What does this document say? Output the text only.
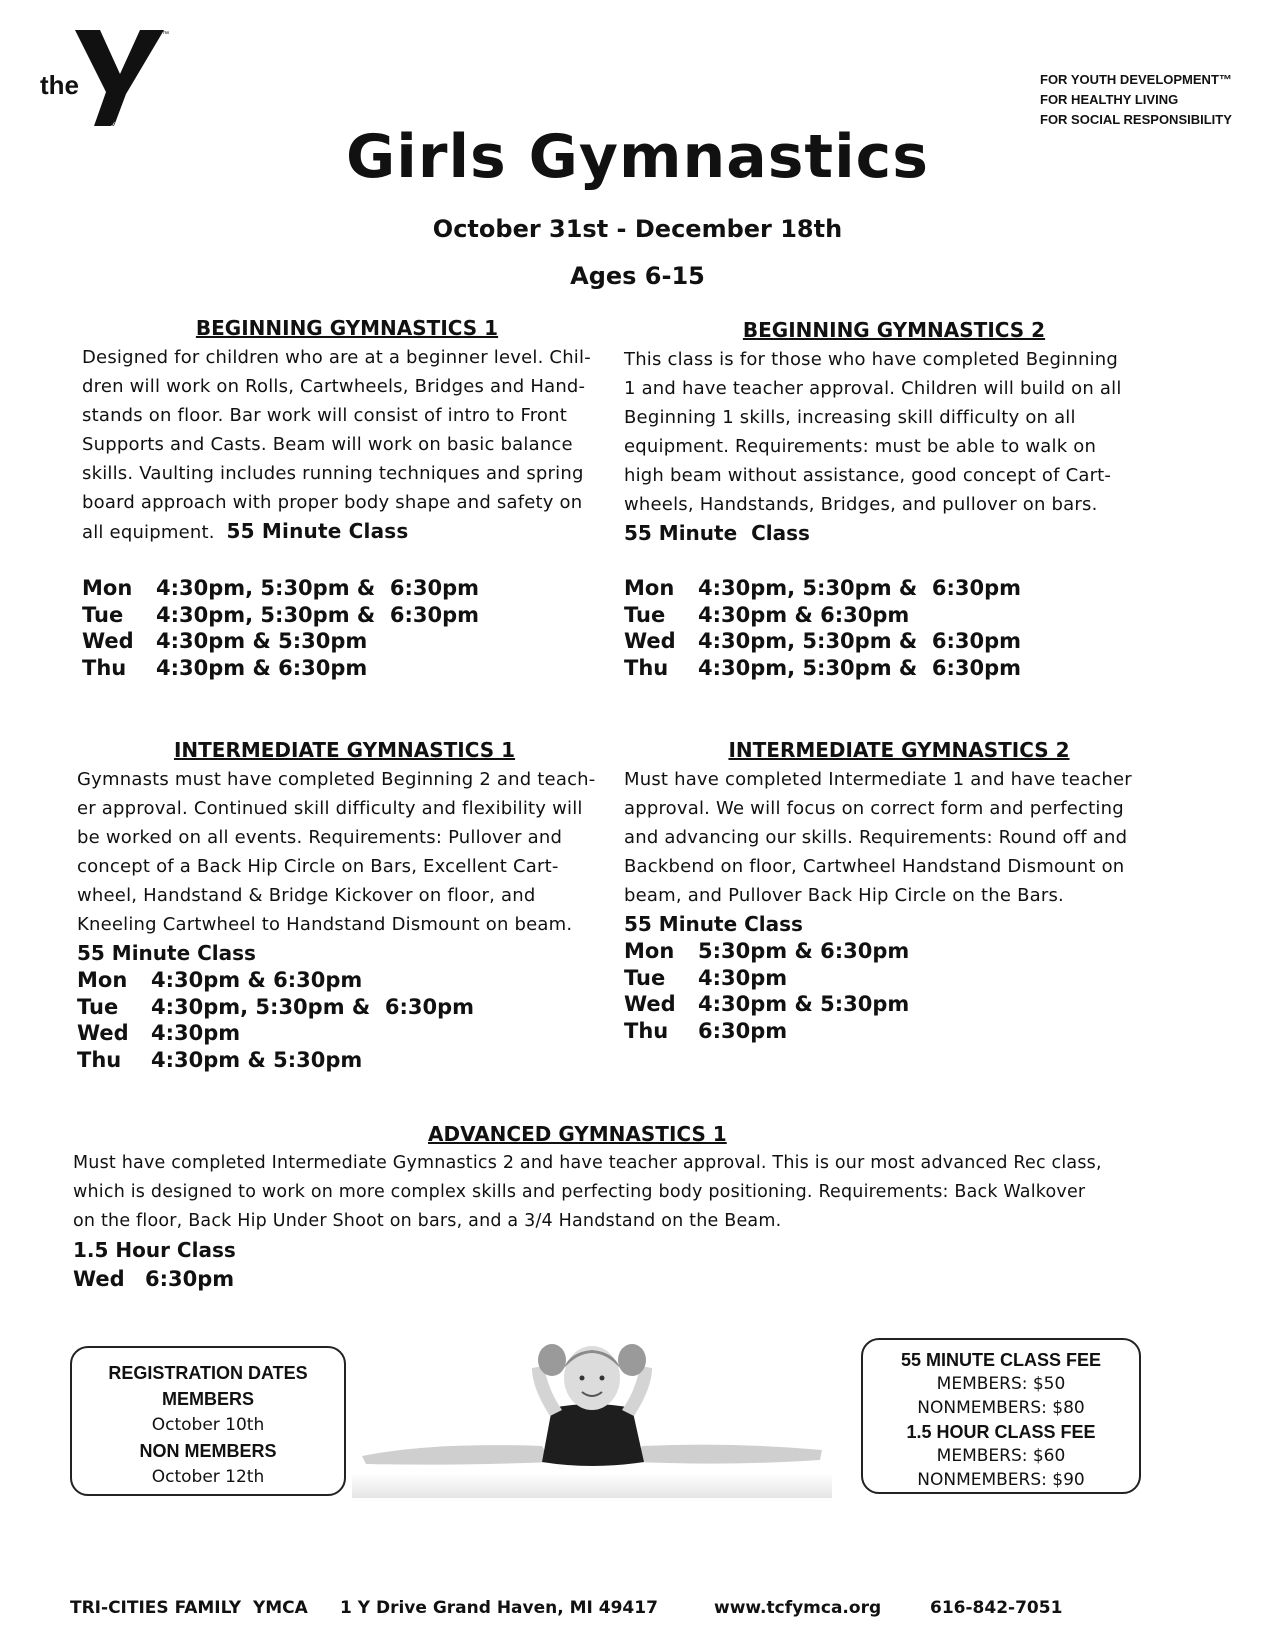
the
™
YMCA
FOR YOUTH DEVELOPMENT™
FOR HEALTHY LIVING
FOR SOCIAL RESPONSIBILITY
Girls Gymnastics
October 31st - December 18th
Ages 6-15
BEGINNING GYMNASTICS 1
Designed for children who are at a beginner level. Chil-
dren will work on Rolls, Cartwheels, Bridges and Hand-
stands on floor. Bar work will consist of intro to Front
Supports and Casts. Beam will work on basic balance
skills. Vaulting includes running techniques and spring
board approach with proper body shape and safety on
all equipment. 55 Minute Class
Mon	4:30pm, 5:30pm &  6:30pm
Tue	4:30pm, 5:30pm &  6:30pm
Wed	4:30pm & 5:30pm
Thu	4:30pm & 6:30pm
BEGINNING GYMNASTICS 2
This class is for those who have completed Beginning
1 and have teacher approval. Children will build on all
Beginning 1 skills, increasing skill difficulty on all
equipment. Requirements: must be able to walk on
high beam without assistance, good concept of Cart-
wheels, Handstands, Bridges, and pullover on bars.
55 Minute  Class
Mon	4:30pm, 5:30pm &  6:30pm
Tue	4:30pm & 6:30pm
Wed	4:30pm, 5:30pm &  6:30pm
Thu	4:30pm, 5:30pm &  6:30pm
INTERMEDIATE GYMNASTICS 1
Gymnasts must have completed Beginning 2 and teach-
er approval. Continued skill difficulty and flexibility will
be worked on all events. Requirements: Pullover and
concept of a Back Hip Circle on Bars, Excellent Cart-
wheel, Handstand & Bridge Kickover on floor, and
Kneeling Cartwheel to Handstand Dismount on beam.
55 Minute Class
Mon	4:30pm & 6:30pm
Tue	4:30pm, 5:30pm &  6:30pm
Wed	4:30pm
Thu	4:30pm & 5:30pm
INTERMEDIATE GYMNASTICS 2
Must have completed Intermediate 1 and have teacher
approval. We will focus on correct form and perfecting
and advancing our skills. Requirements: Round off and
Backbend on floor, Cartwheel Handstand Dismount on
beam, and Pullover Back Hip Circle on the Bars.
55 Minute Class
Mon	5:30pm & 6:30pm
Tue	4:30pm
Wed	4:30pm & 5:30pm
Thu	6:30pm
ADVANCED GYMNASTICS 1
Must have completed Intermediate Gymnastics 2 and have teacher approval. This is our most advanced Rec class,
which is designed to work on more complex skills and perfecting body positioning. Requirements: Back Walkover
on the floor, Back Hip Under Shoot on bars, and a 3/4 Handstand on the Beam.
1.5 Hour Class
Wed 6:30pm
REGISTRATION DATES
MEMBERS
October 10th
NON MEMBERS
October 12th
55 MINUTE CLASS FEE
MEMBERS: $50
NONMEMBERS: $80
1.5 HOUR CLASS FEE
MEMBERS: $60
NONMEMBERS: $90
TRI-CITIES FAMILY  YMCA 1 Y Drive Grand Haven, MI 49417	www.tcfymca.org	616-842-7051
